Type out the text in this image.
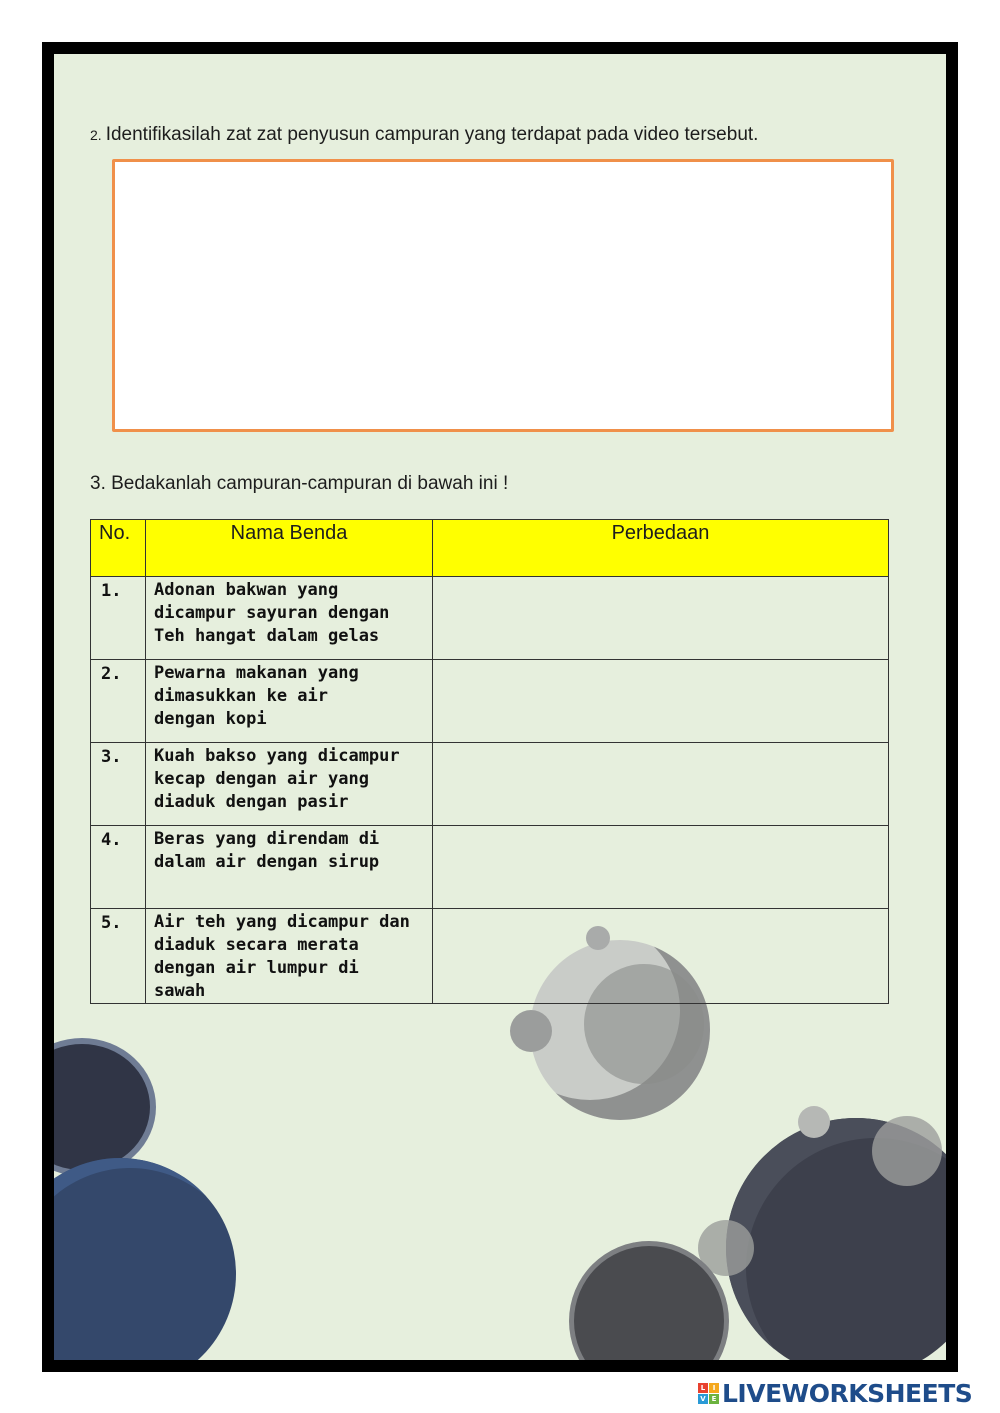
2. Identifikasilah zat zat penyusun campuran yang terdapat pada video tersebut.
3. Bedakanlah campuran-campuran di bawah ini !
No.	Nama Benda	Perbedaan

1.	Adonan bakwan yang
dicampur sayuran dengan
Teh hangat dalam gelas	

2.	Pewarna makanan yang
dimasukkan ke air
dengan kopi	

3.	Kuah bakso yang dicampur
kecap dengan air yang
diaduk dengan pasir	

4.	Beras yang direndam di
dalam air dengan sirup	

5.	Air teh yang dicampur dan
diaduk secara merata
dengan air lumpur di
sawah	

L	I
V E LIVEWORKSHEETS
